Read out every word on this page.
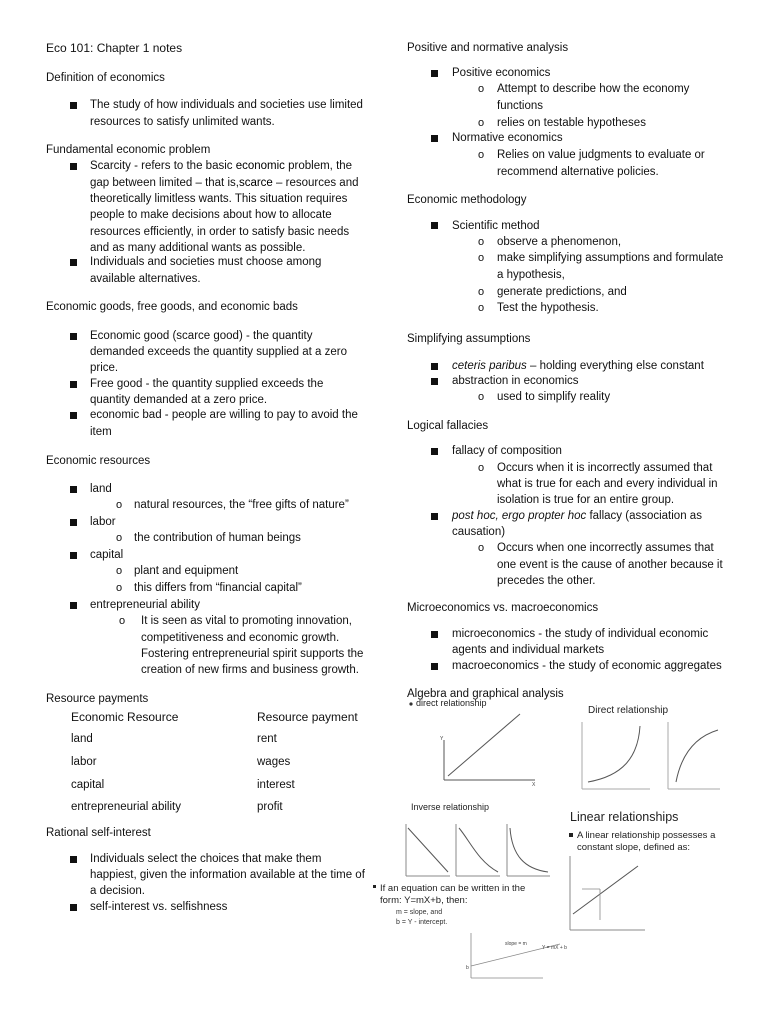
Eco 101: Chapter 1 notes
Definition of economics
The study of how individuals and societies use limited
resources to satisfy unlimited wants.
Fundamental economic problem
Scarcity - refers to the basic economic problem, the
gap between limited – that is,scarce – resources and
theoretically limitless wants. This situation requires
people to make decisions about how to allocate
resources efficiently, in order to satisfy basic needs
and as many additional wants as possible.
Individuals and societies must choose among
available alternatives.
Economic goods, free goods, and economic bads
Economic good (scarce good) - the quantity
demanded exceeds the quantity supplied at a zero
price.
Free good - the quantity supplied exceeds the
quantity demanded at a zero price.
economic bad - people are willing to pay to avoid the
item
Economic resources
land
o natural resources, the “free gifts of nature”
labor
o the contribution of human beings
capital
o plant and equipment
o this differs from “financial capital”
entrepreneurial ability
o It is seen as vital to promoting innovation,
competitiveness and economic growth.
Fostering entrepreneurial spirit supports the
creation of new firms and business growth.
Resource payments
Economic Resource	Resource payment
land	rent
labor	wages
capital	interest
entrepreneurial ability	profit
Rational self-interest
Individuals select the choices that make them
happiest, given the information available at the time of
a decision.
self-interest vs. selfishness
Positive and normative analysis
Positive economics
o Attempt to describe how the economy
functions
o relies on testable hypotheses
Normative economics
o Relies on value judgments to evaluate or
recommend alternative policies.
Economic methodology
Scientific method
o observe a phenomenon,
o make simplifying assumptions and formulate
a hypothesis,
o generate predictions, and
o Test the hypothesis.
Simplifying assumptions
ceteris paribus – holding everything else constant
abstraction in economics
o used to simplify reality
Logical fallacies
fallacy of composition
o Occurs when it is incorrectly assumed that
what is true for each and every individual in
isolation is true for an entire group.
post hoc, ergo propter hoc fallacy (association as
causation)
o Occurs when one incorrectly assumes that
one event is the cause of another because it
precedes the other.
Microeconomics vs. macroeconomics
microeconomics - the study of individual economic
agents and individual markets
macroeconomics - the study of economic aggregates
Algebra and graphical analysis
direct relationship
Y
X
Direct relationship
Inverse relationship
Linear relationships
A linear relationship possesses a
constant slope, defined as:
If an equation can be written in the
form: Y=mX+b, then:
m = slope, and
b = Y - intercept.
slope = m
Y = mX + b
b
